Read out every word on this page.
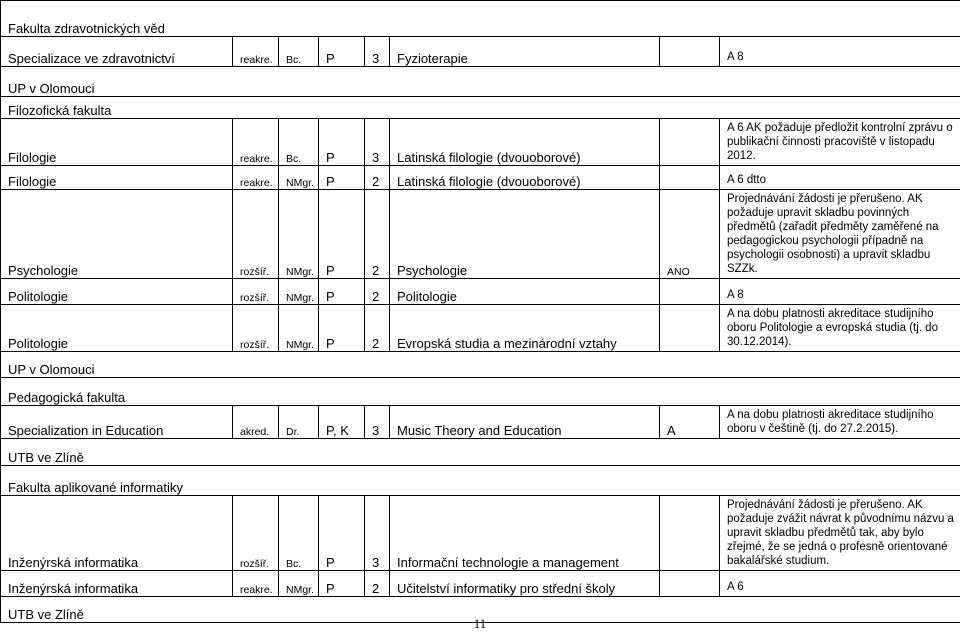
Fakulta zdravotnických věd							
Specializace ve zdravotnictví	reakre.	Bc.	P	3	Fyzioterapie		A 8
UP v Olomouci							
Filozofická fakulta							
Filologie	reakre.	Bc.	P	3	Latinská filologie (dvouoborové)		A 6 AK požaduje předložit kontrolní zprávu o publikační činnosti pracoviště v listopadu 2012.
Filologie	reakre.	NMgr.	P	2	Latinská filologie (dvouoborové)		A 6 dtto
Psychologie	rozšíř.	NMgr.	P	2	Psychologie	ANO	Projednávání žádosti je přerušeno. AK požaduje upravit skladbu povinných předmětů (zařadit předměty zaměřené na pedagogickou psychologii případně na psychologii osobnosti) a upravit skladbu SZZk.
Politologie	rozšíř.	NMgr.	P	2	Politologie		A 8
Politologie	rozšíř.	NMgr.	P	2	Evropská studia a mezinárodní vztahy		A na dobu platnosti akreditace studijního oboru Politologie a evropská studia (tj. do 30.12.2014).
UP v Olomouci							
Pedagogická fakulta							
Specialization in Education	akred.	Dr.	P, K	3	Music Theory and Education	A	A na dobu platnosti akreditace studijního oboru v češtině (tj. do 27.2.2015).
UTB ve Zlíně							
Fakulta aplikované informatiky							
Inženýrská informatika	rozšíř.	Bc.	P	3	Informační technologie a management		Projednávání žádosti je přerušeno. AK požaduje zvážit návrat k původnímu názvu a upravit skladbu předmětů tak, aby bylo zřejmé, že se jedná o profesně orientované bakalářské studium.
Inženýrská informatika	reakre.	NMgr.	P	2	Učitelství informatiky pro střední školy		A 6
UTB ve Zlíně							
11
